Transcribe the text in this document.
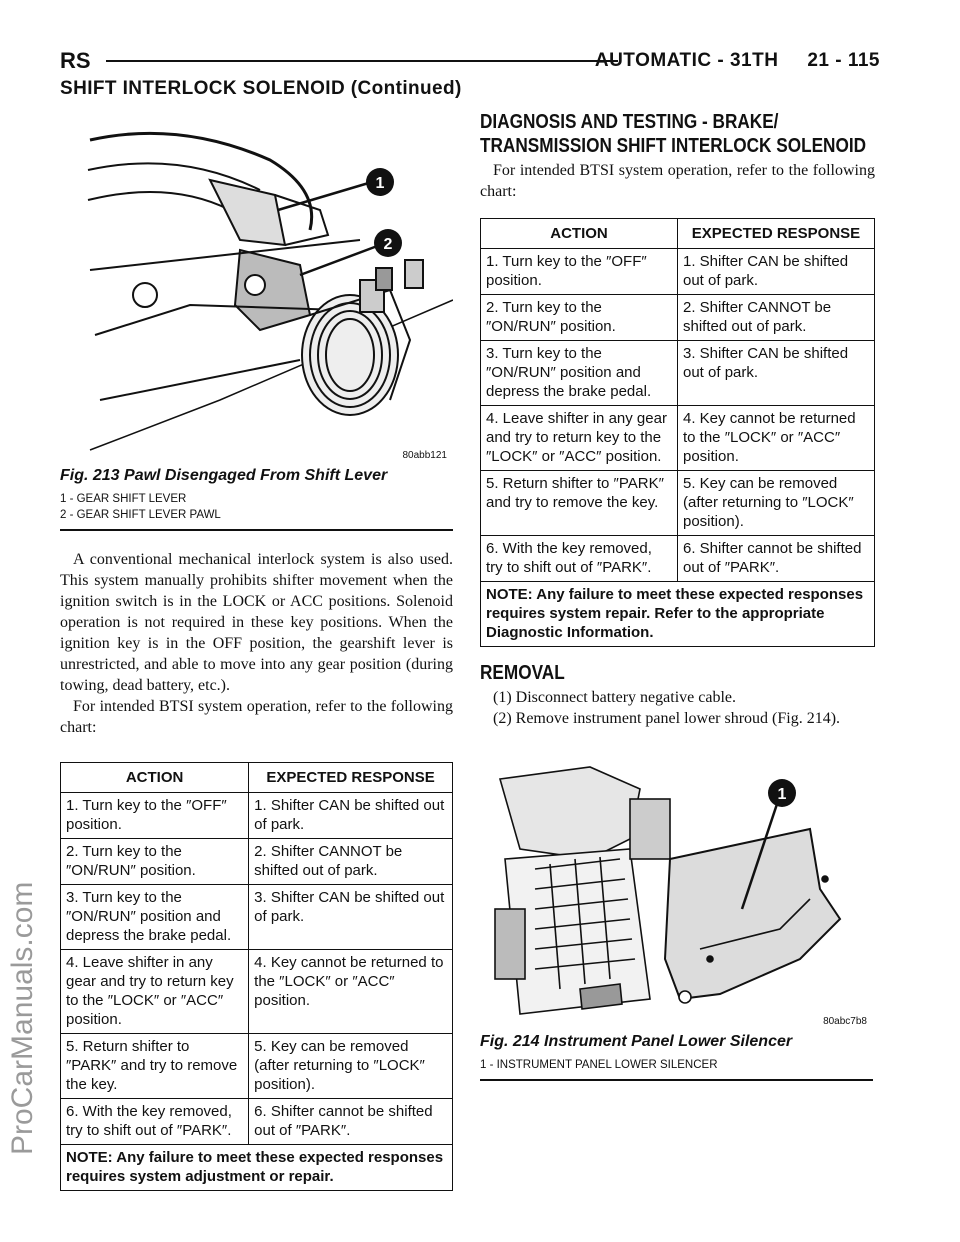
RS	AUTOMATIC - 31TH     21 - 115
SHIFT INTERLOCK SOLENOID (Continued)
ProCarManuals.com
1
2
80abb121
Fig. 213 Pawl Disengaged From Shift Lever
1 - GEAR SHIFT LEVER
2 - GEAR SHIFT LEVER PAWL

A conventional mechanical interlock system is also used. This system manually prohibits shifter movement when the ignition switch is in the LOCK or ACC positions. Solenoid operation is not required in these key positions. When the ignition key is in the OFF position, the gearshift lever is unrestricted, and able to move into any gear position (during towing, dead battery, etc.).

For intended BTSI system operation, refer to the following chart:

ACTION	EXPECTED RESPONSE
1. Turn key to the ″OFF″ position.	1. Shifter CAN be shifted out of park.
2. Turn key to the ″ON/RUN″ position.	2. Shifter CANNOT be shifted out of park.
3. Turn key to the ″ON/RUN″ position and depress the brake pedal.	3. Shifter CAN be shifted out of park.
4. Leave shifter in any gear and try to return key to the ″LOCK″ or ″ACC″ position.	4. Key cannot be returned to the ″LOCK″ or ″ACC″ position.
5. Return shifter to ″PARK″ and try to remove the key.	5. Key can be removed (after returning to ″LOCK″ position).
6. With the key removed, try to shift out of ″PARK″.	6. Shifter cannot be shifted out of ″PARK″.
NOTE: Any failure to meet these expected responses requires system adjustment or repair.	
DIAGNOSIS AND TESTING - BRAKE/ TRANSMISSION SHIFT INTERLOCK SOLENOID

For intended BTSI system operation, refer to the following chart:

ACTION	EXPECTED RESPONSE
1. Turn key to the ″OFF″ position.	1. Shifter CAN be shifted out of park.
2. Turn key to the ″ON/RUN″ position.	2. Shifter CANNOT be shifted out of park.
3. Turn key to the ″ON/RUN″ position and depress the brake pedal.	3. Shifter CAN be shifted out of park.
4. Leave shifter in any gear and try to return key to the ″LOCK″ or ″ACC″ position.	4. Key cannot be returned to the ″LOCK″ or ″ACC″ position.
5. Return shifter to ″PARK″ and try to remove the key.	5. Key can be removed (after returning to ″LOCK″ position).
6. With the key removed, try to shift out of ″PARK″.	6. Shifter cannot be shifted out of ″PARK″.
NOTE: Any failure to meet these expected responses requires system repair. Refer to the appropriate Diagnostic Information.	
REMOVAL

(1) Disconnect battery negative cable.

(2) Remove instrument panel lower shroud (Fig. 214).

1
80abc7b8
Fig. 214 Instrument Panel Lower Silencer
1 - INSTRUMENT PANEL LOWER SILENCER
